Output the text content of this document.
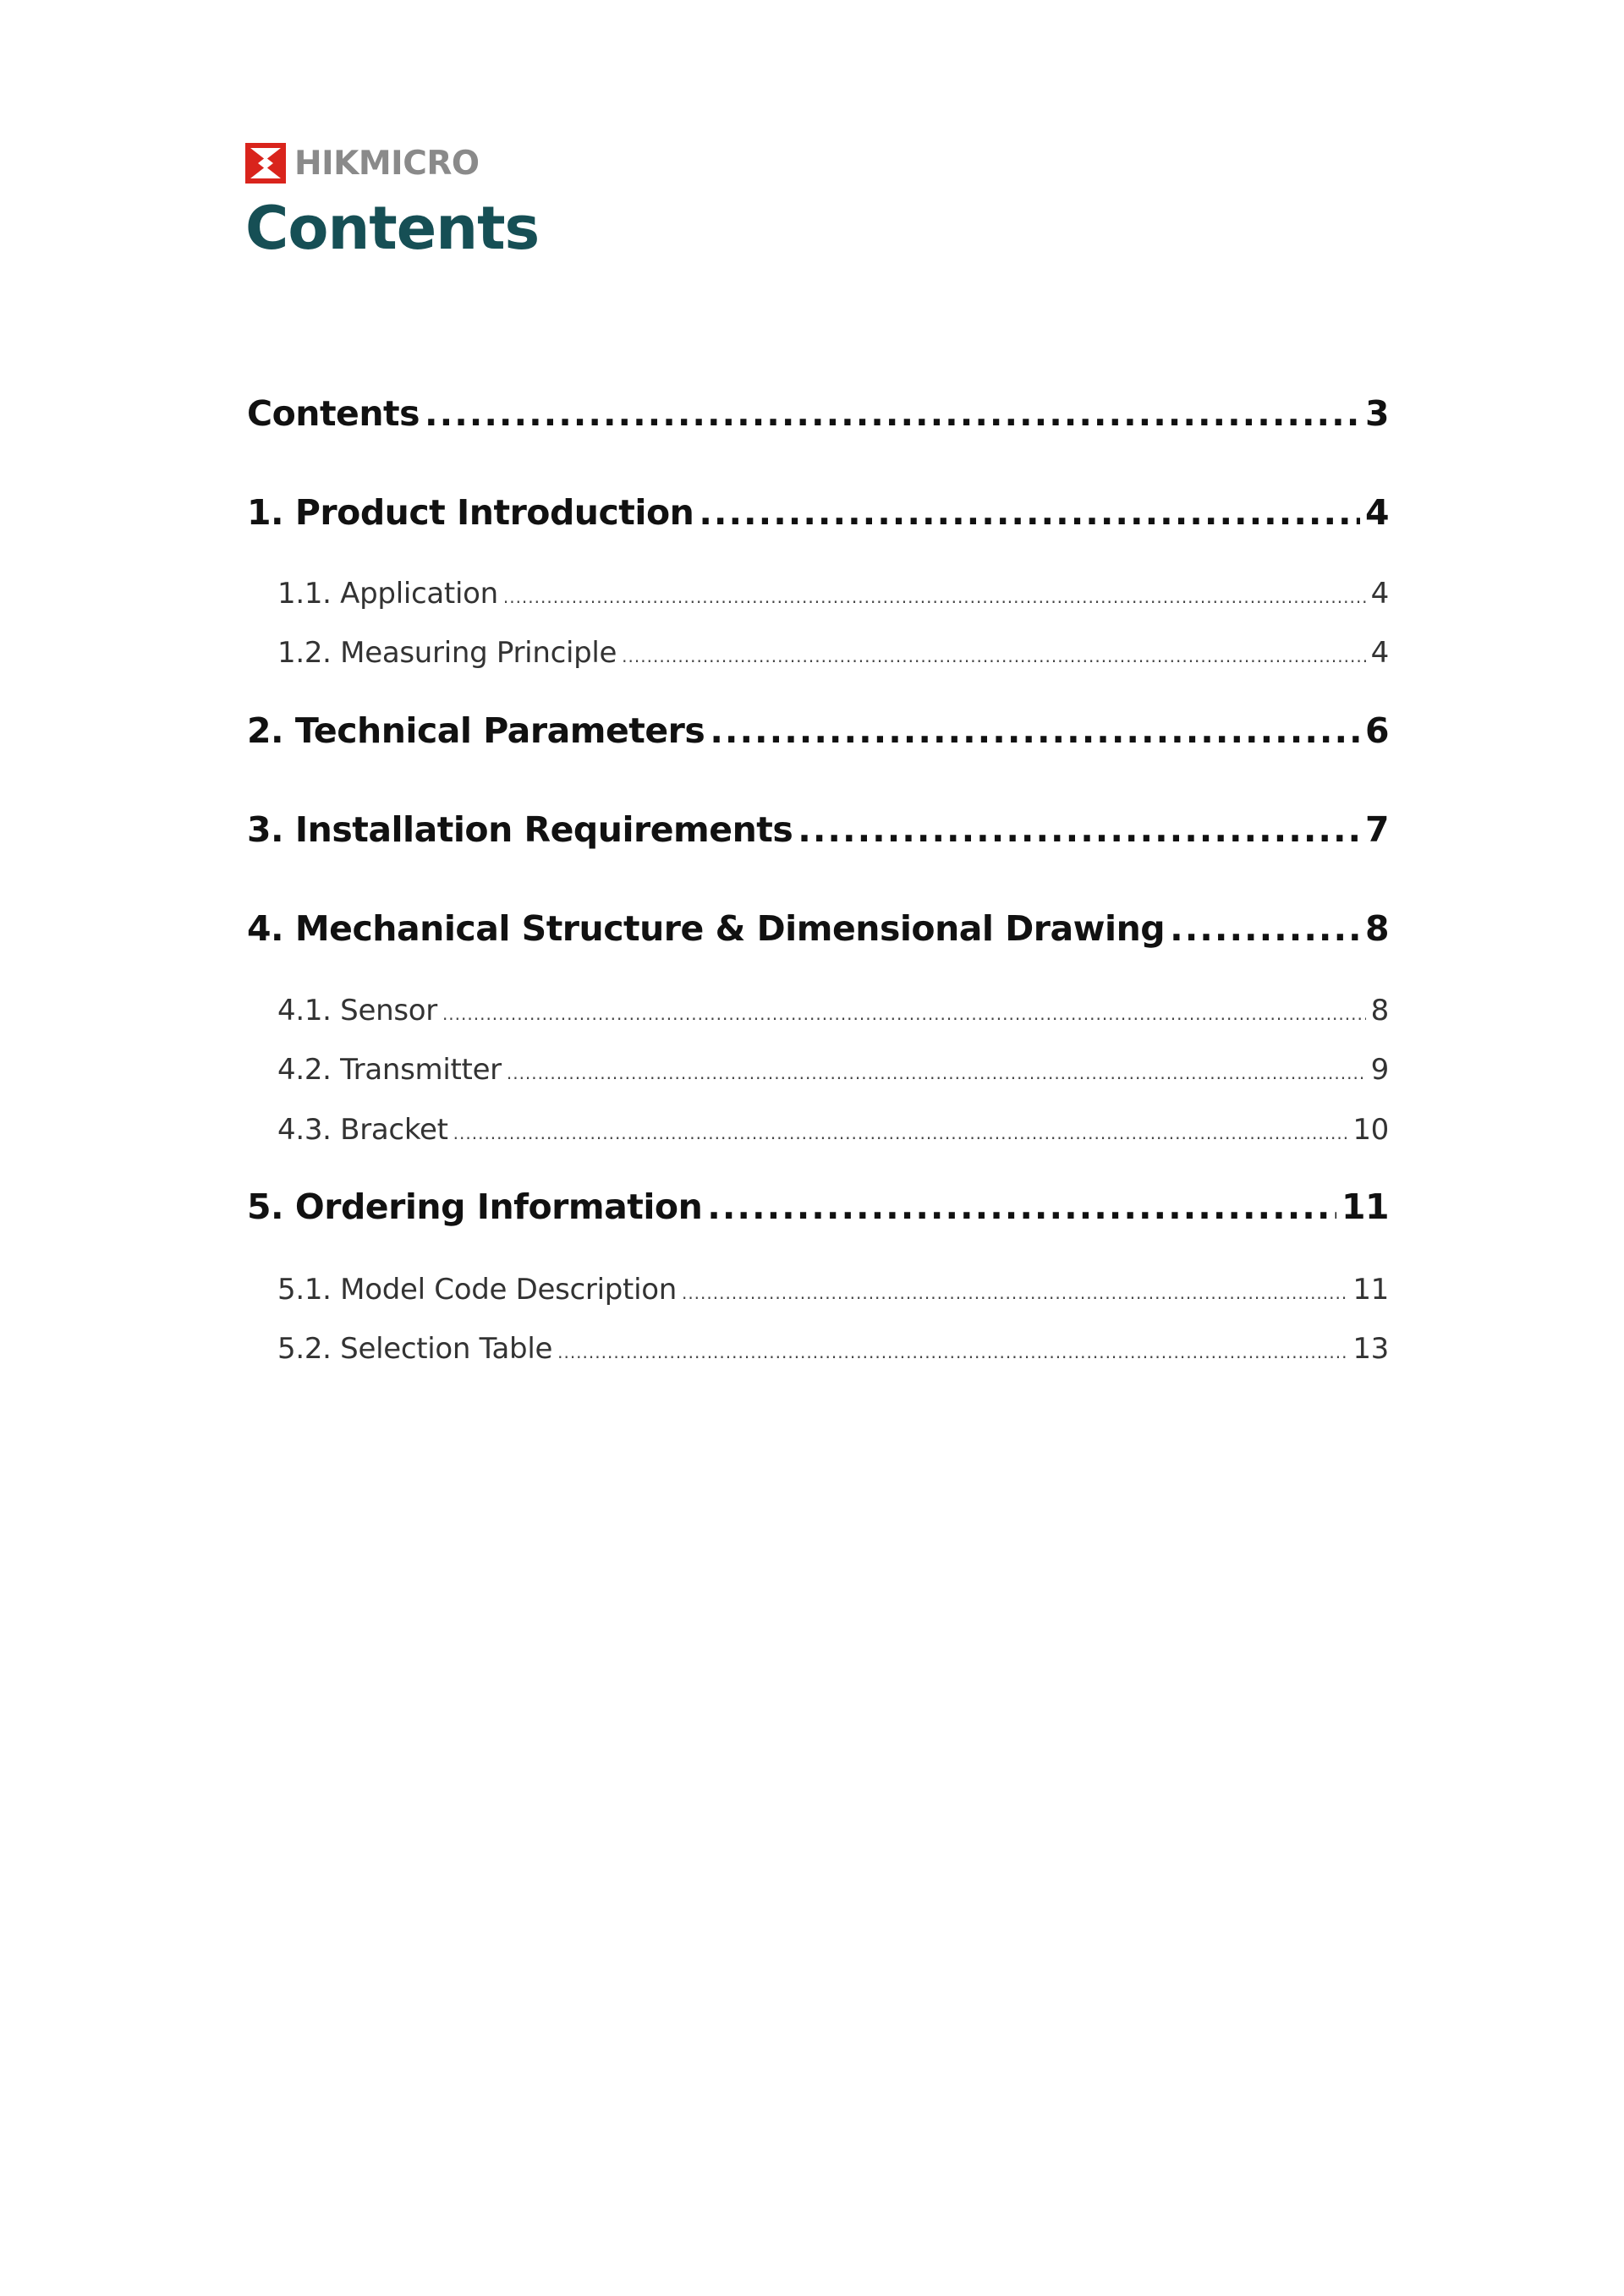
HIKMICRO
Contents
Contents .....	3
1. Product Introduction .....	4
1.1. Application .....	4
1.2. Measuring Principle .....	4
2. Technical Parameters .....	6
3. Installation Requirements .....	7
4. Mechanical Structure & Dimensional Drawing .....	8
4.1. Sensor .....	8
4.2. Transmitter .....	9
4.3. Bracket .....	10
5. Ordering Information .....	11
5.1. Model Code Description .....	11
5.2. Selection Table .....	13
